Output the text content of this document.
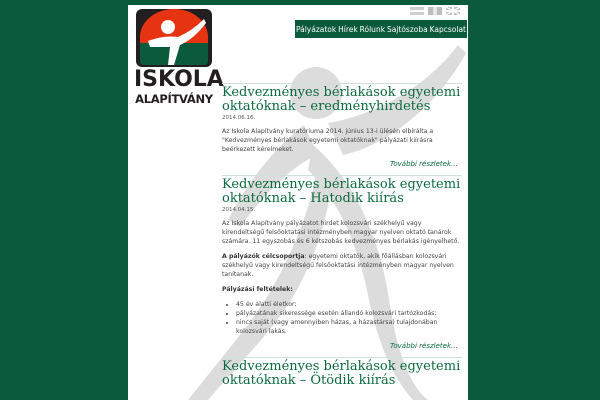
ISKOLA
ALAPÍTVÁNY
Pályázatok Hírek Rólunk Sajtószoba Kapcsolat
Kedvezményes bérlakások egyetemi oktatóknak – eredményhirdetés
2014.06.16.

Az Iskola Alapítvány kuratóriuma 2014. június 13-i ülésén elbírálta a "Kedvezményes bérlakások egyetemi oktatóknak" pályázati kiírásra beérkezett kérelmeket.

További részletek…
Kedvezményes bérlakások egyetemi oktatóknak – Hatodik kiírás
2014.04.15.

Az Iskola Alapítvány pályázatot hirdet kolozsvári székhelyű vagy kirendeltségű felsőoktatási intézményben magyar nyelven oktató tanárok számára. 11 egyszobás és 6 kétszobás kedvezményes bérlakás igényelhető.

A pályázók célcsoportja: egyetemi oktatók, akik főállásban kolozsvári székhelyű vagy kirendeltségű felsőoktatási intézményben magyar nyelven tanítanak.

Pályázási feltételek:

• 45 év alatti életkor;
• pályázatának sikeressége esetén állandó kolozsvári tartózkodás;
• nincs saját (vagy amennyiben házas, a házastársa) tulajdonában kolozsvári lakás.
További részletek…
Kedvezményes bérlakások egyetemi oktatóknak – Ötödik kiírás
